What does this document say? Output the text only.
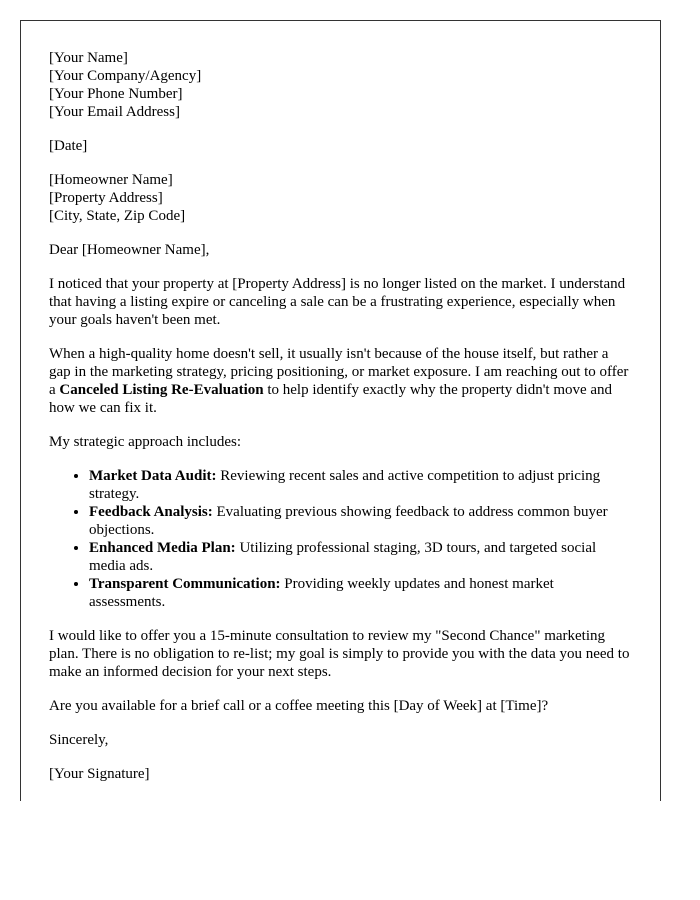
[Your Name]
[Your Company/Agency]
[Your Phone Number]
[Your Email Address]

[Date]

[Homeowner Name]
[Property Address]
[City, State, Zip Code]

Dear [Homeowner Name],

I noticed that your property at [Property Address] is no longer listed on the market. I understand that having a listing expire or canceling a sale can be a frustrating experience, especially when your goals haven't been met.

When a high-quality home doesn't sell, it usually isn't because of the house itself, but rather a gap in the marketing strategy, pricing positioning, or market exposure. I am reaching out to offer a Canceled Listing Re-Evaluation to help identify exactly why the property didn't move and how we can fix it.

My strategic approach includes:

• Market Data Audit: Reviewing recent sales and active competition to adjust pricing strategy.
• Feedback Analysis: Evaluating previous showing feedback to address common buyer objections.
• Enhanced Media Plan: Utilizing professional staging, 3D tours, and targeted social media ads.
• Transparent Communication: Providing weekly updates and honest market assessments.

I would like to offer you a 15-minute consultation to review my "Second Chance" marketing plan. There is no obligation to re-list; my goal is simply to provide you with the data you need to make an informed decision for your next steps.

Are you available for a brief call or a coffee meeting this [Day of Week] at [Time]?

Sincerely,

[Your Signature]
